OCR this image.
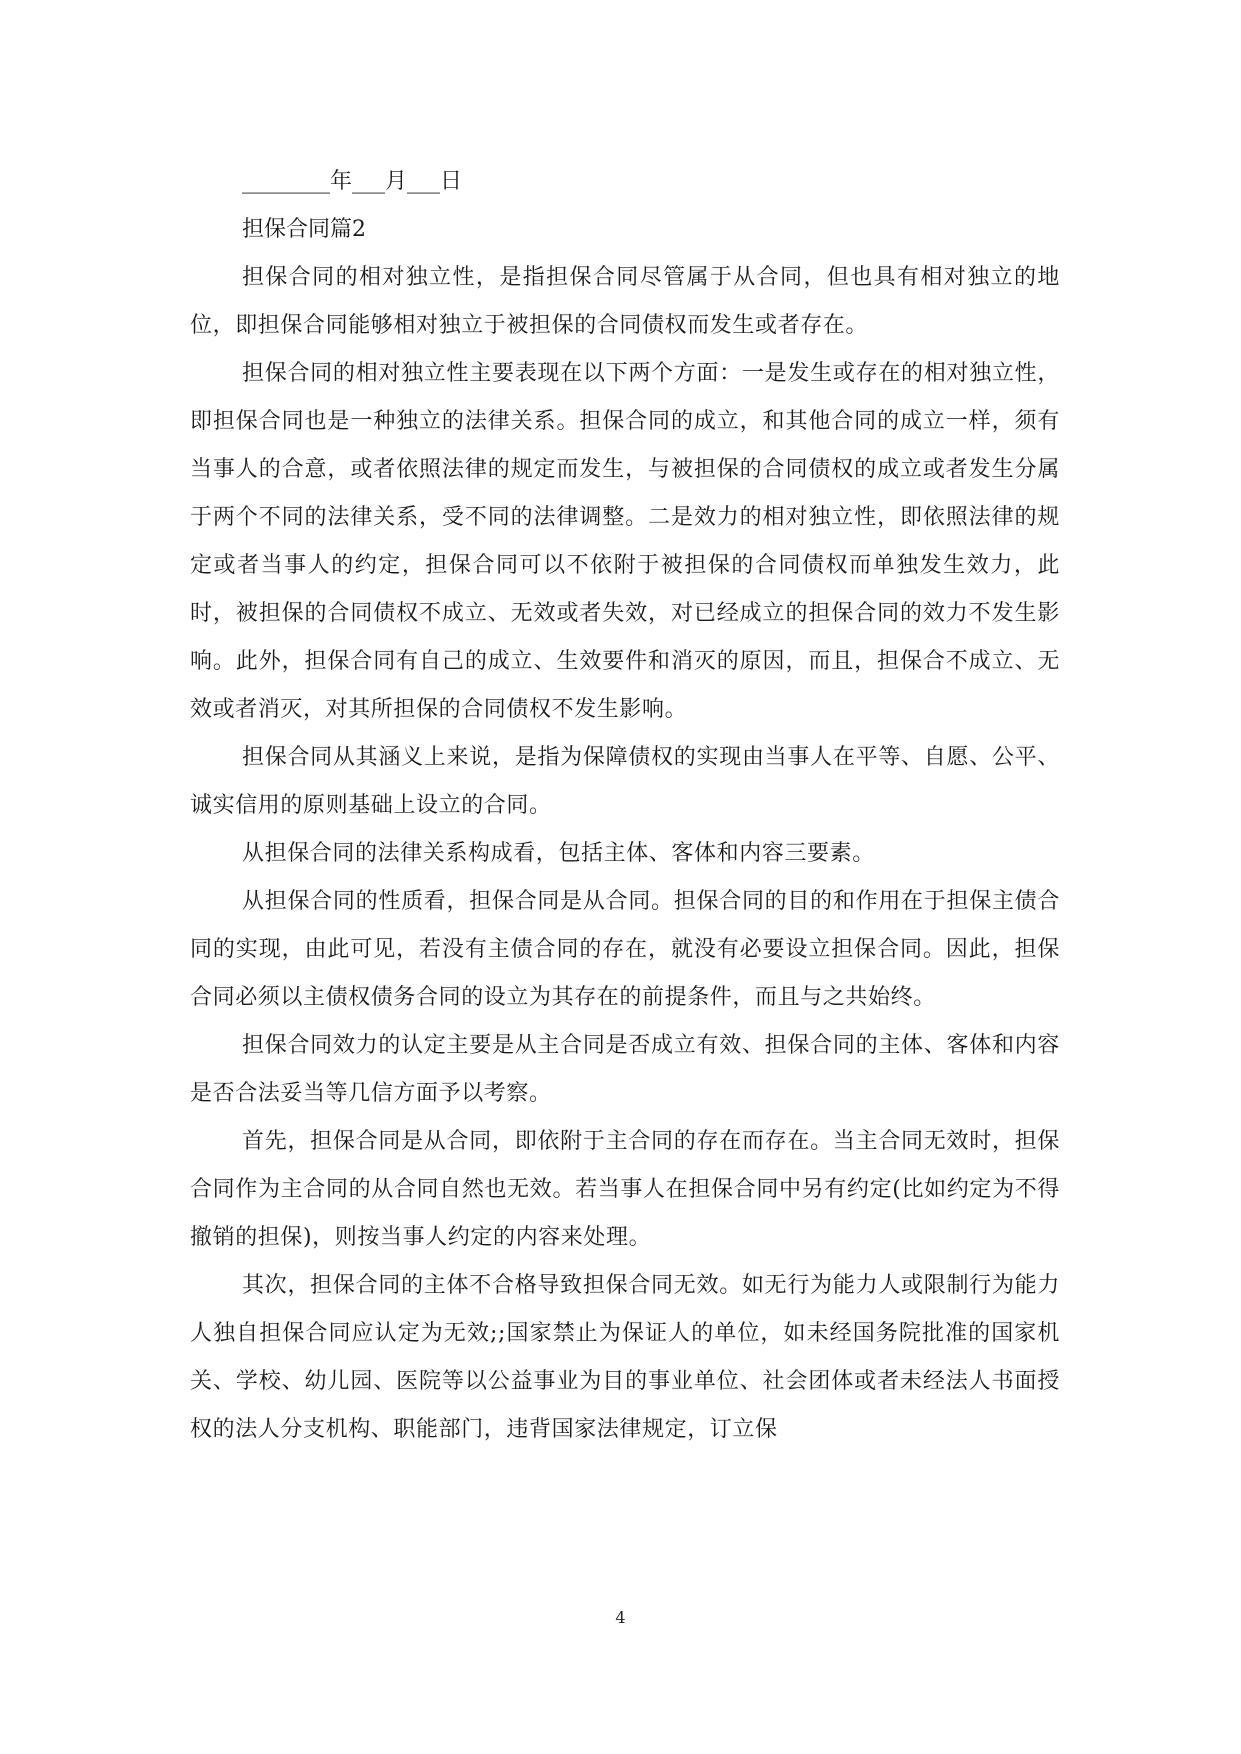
________年___月___日

担保合同篇2

担保合同的相对独立性，是指担保合同尽管属于从合同，但也具有相对独立的地位，即担保合同能够相对独立于被担保的合同债权而发生或者存在。

担保合同的相对独立性主要表现在以下两个方面：一是发生或存在的相对独立性，即担保合同也是一种独立的法律关系。担保合同的成立，和其他合同的成立一样，须有当事人的合意，或者依照法律的规定而发生，与被担保的合同债权的成立或者发生分属于两个不同的法律关系，受不同的法律调整。二是效力的相对独立性，即依照法律的规定或者当事人的约定，担保合同可以不依附于被担保的合同债权而单独发生效力，此时，被担保的合同债权不成立、无效或者失效，对已经成立的担保合同的效力不发生影响。此外，担保合同有自己的成立、生效要件和消灭的原因，而且，担保合不成立、无效或者消灭，对其所担保的合同债权不发生影响。

担保合同从其涵义上来说，是指为保障债权的实现由当事人在平等、自愿、公平、诚实信用的原则基础上设立的合同。

从担保合同的法律关系构成看，包括主体、客体和内容三要素。

从担保合同的性质看，担保合同是从合同。担保合同的目的和作用在于担保主债合同的实现，由此可见，若没有主债合同的存在，就没有必要设立担保合同。因此，担保合同必须以主债权债务合同的设立为其存在的前提条件，而且与之共始终。

担保合同效力的认定主要是从主合同是否成立有效、担保合同的主体、客体和内容是否合法妥当等几信方面予以考察。

首先，担保合同是从合同，即依附于主合同的存在而存在。当主合同无效时，担保合同作为主合同的从合同自然也无效。若当事人在担保合同中另有约定(比如约定为不得撤销的担保)，则按当事人约定的内容来处理。

其次，担保合同的主体不合格导致担保合同无效。如无行为能力人或限制行为能力人独自担保合同应认定为无效;;国家禁止为保证人的单位，如未经国务院批准的国家机关、学校、幼儿园、医院等以公益事业为目的事业单位、社会团体或者未经法人书面授权的法人分支机构、职能部门，违背国家法律规定，订立保

4
